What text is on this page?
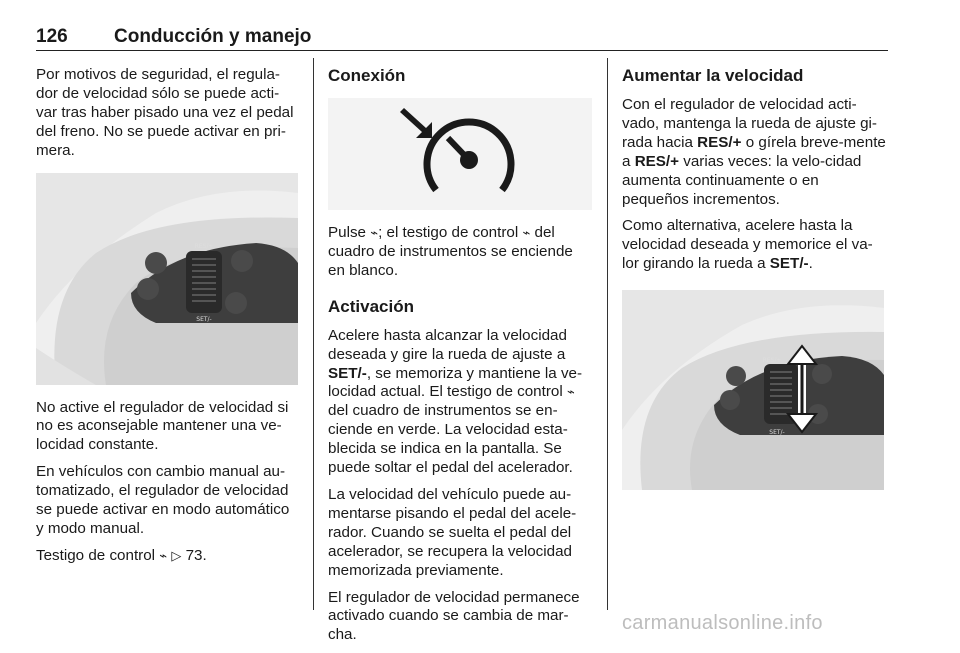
126 Conducción y manejo

Por motivos de seguridad, el regula-dor de velocidad sólo se puede acti-var tras haber pisado una vez el pedal del freno. No se puede activar en pri-mera.

RES/+
SET/-

No active el regulador de velocidad si no es aconsejable mantener una ve-locidad constante.

En vehículos con cambio manual au-tomatizado, el regulador de velocidad se puede activar en modo automático y modo manual.

Testigo de control ⌁ ▷ 73.

Conexión

Pulse ⌁; el testigo de control ⌁ del cuadro de instrumentos se enciende en blanco.

Activación

Acelere hasta alcanzar la velocidad deseada y gire la rueda de ajuste a SET/-, se memoriza y mantiene la ve-locidad actual. El testigo de control ⌁ del cuadro de instrumentos se en-ciende en verde. La velocidad esta-blecida se indica en la pantalla. Se puede soltar el pedal del acelerador.

La velocidad del vehículo puede au-mentarse pisando el pedal del acele-rador. Cuando se suelta el pedal del acelerador, se recupera la velocidad memorizada previamente.

El regulador de velocidad permanece activado cuando se cambia de mar-cha.

Aumentar la velocidad

Con el regulador de velocidad acti-vado, mantenga la rueda de ajuste gi-rada hacia RES/+ o gírela breve-mente a RES/+ varias veces: la velo-cidad aumenta continuamente o en pequeños incrementos.

Como alternativa, acelere hasta la velocidad deseada y memorice el va-lor girando la rueda a SET/-.

RES/+
SET/-
carmanualsonline.info
